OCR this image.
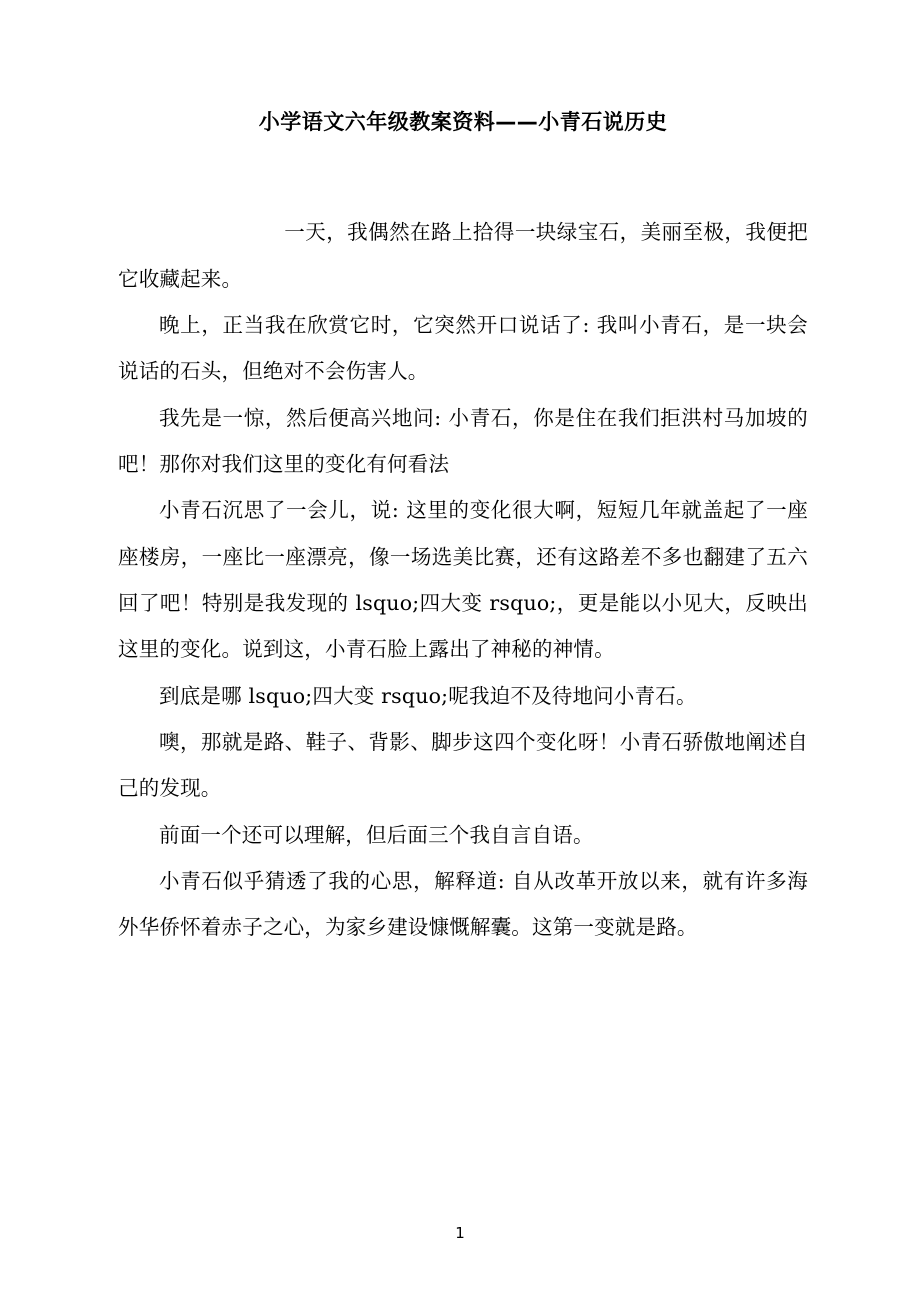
小学语文六年级教案资料——小青石说历史

一天，我偶然在路上拾得一块绿宝石，美丽至极，我便把它收藏起来。

晚上，正当我在欣赏它时，它突然开口说话了: 我叫小青石，是一块会说话的石头，但绝对不会伤害人。

我先是一惊，然后便高兴地问: 小青石，你是住在我们拒洪村马加坡的吧！那你对我们这里的变化有何看法

小青石沉思了一会儿，说: 这里的变化很大啊，短短几年就盖起了一座座楼房，一座比一座漂亮，像一场选美比赛，还有这路差不多也翻建了五六回了吧！特别是我发现的 lsquo;四大变 rsquo;，更是能以小见大，反映出这里的变化。说到这，小青石脸上露出了神秘的神情。

到底是哪 lsquo;四大变 rsquo;呢我迫不及待地问小青石。

噢，那就是路、鞋子、背影、脚步这四个变化呀！小青石骄傲地阐述自己的发现。

前面一个还可以理解，但后面三个我自言自语。

小青石似乎猜透了我的心思，解释道: 自从改革开放以来，就有许多海外华侨怀着赤子之心，为家乡建设慷慨解囊。这第一变就是路。

1
